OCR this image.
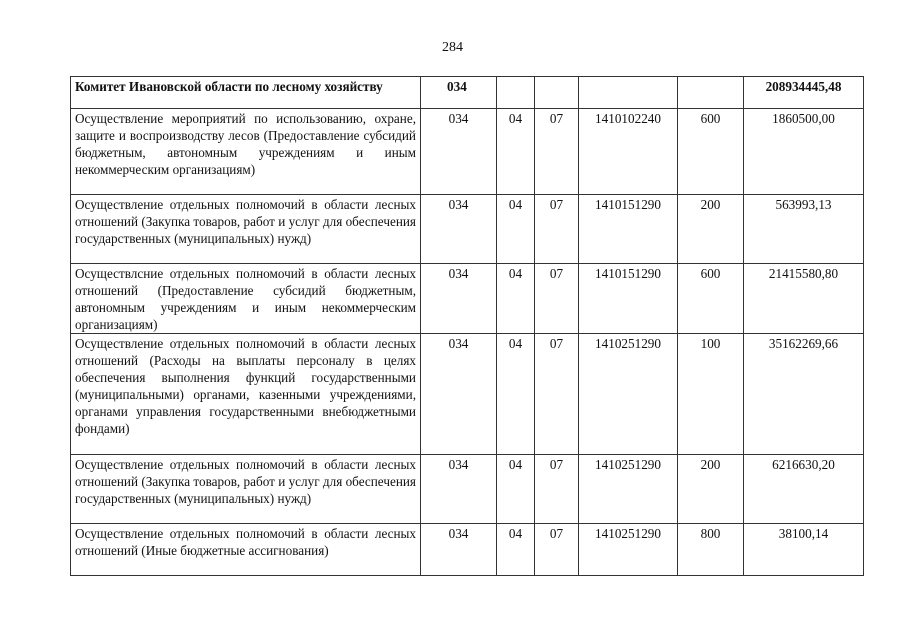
284
Комитет Ивановской области по лесному хозяйству	034					208934445,48
Осуществление мероприятий по использованию, охране, защите и воспроизводству лесов (Предоставление субсидий бюджетным, автономным учреждениям и иным некоммерческим организациям)	034	04	07	1410102240	600	1860500,00
Осуществление отдельных полномочий в области лесных отношений (Закупка товаров, работ и услуг для обеспечения государственных (муниципальных) нужд)	034	04	07	1410151290	200	563993,13
Осуществлсние отдельных полномочий в области лесных отношений (Предоставление субсидий бюджетным, автономным учреждениям и иным некоммерческим организациям)	034	04	07	1410151290	600	21415580,80
Осуществление отдельных полномочий в области лесных отношений (Расходы на выплаты персоналу в целях обеспечения выполнения функций государственными (муниципальными) органами, казенными учреждениями, органами управления государственными внебюджетными фондами)	034	04	07	1410251290	100	35162269,66
Осуществление отдельных полномочий в области лесных отношений (Закупка товаров, работ и услуг для обеспечения государственных (муниципальных) нужд)	034	04	07	1410251290	200	6216630,20
Осуществление отдельных полномочий в области лесных отношений (Иные бюджетные ассигнования)	034	04	07	1410251290	800	38100,14
